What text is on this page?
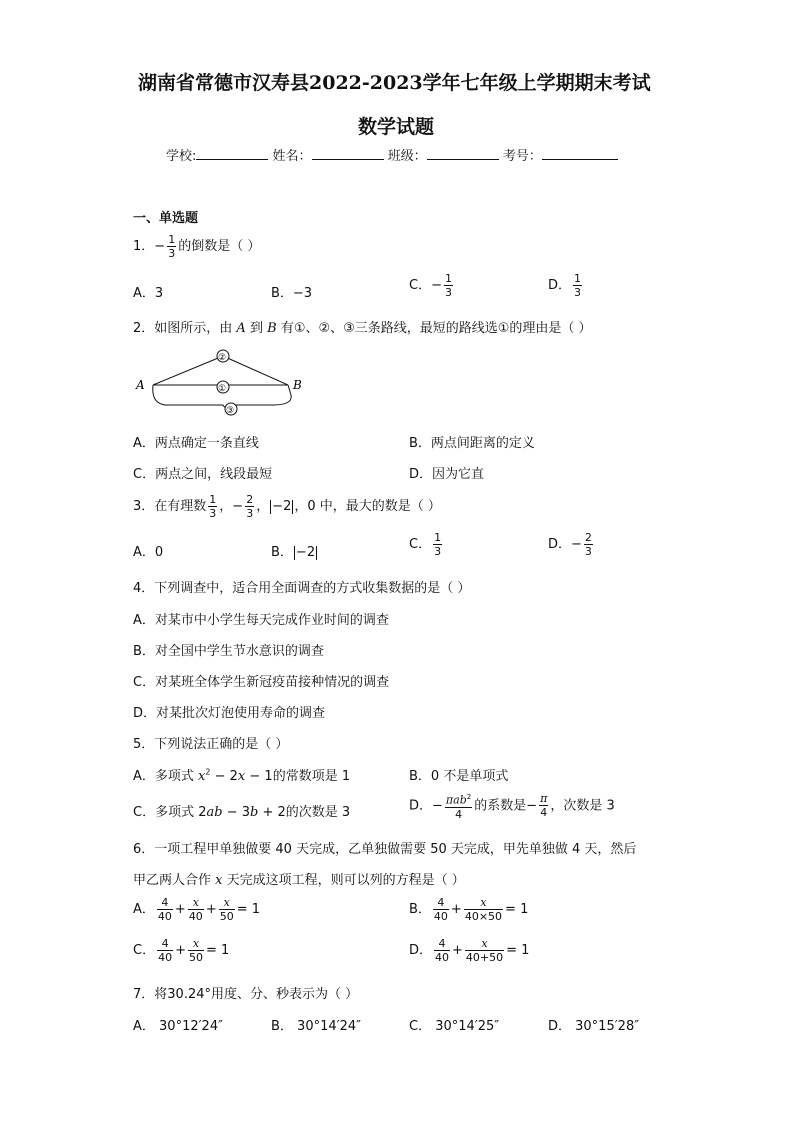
湖南省常德市汉寿县2022-2023学年七年级上学期期末考试
数学试题
学校:	姓名：	班级：	考号：
一、单选题
1．− $\frac{1}{3}$ 的倒数是（ ）
A．3	B．−3
C．− $\frac{1}{3}$	D． $\frac{1}{3}$
2．如图所示，由 A 到 B 有①、②、③三条路线，最短的路线选①的理由是（ ）
②
①
③
A	B
A．两点确定一条直线	B．两点间距离的定义
C．两点之间，线段最短	D．因为它直
3．在有理数 $\frac{1}{3}$ ，− $\frac{2}{3}$ ， −2 ，0 中，最大的数是（ ）
A．0	B． −2
C． $\frac{1}{3}$	D．− $\frac{2}{3}$
4．下列调查中，适合用全面调查的方式收集数据的是（ ）
A．对某市中小学生每天完成作业时间的调查
B．对全国中学生节水意识的调查
C．对某班全体学生新冠疫苗接种情况的调查
D．对某批次灯泡使用寿命的调查
5．下列说法正确的是（ ）
A．多项式 $x^2 - 2x - 1$的常数项是 1	B．0 不是单项式
C．多项式 2ab − 3b + 2的次数是 3	D．− πab$^2$
4
的系数是− $\frac{\pi}{4}$ ，次数是 3
6．一项工程甲单独做要 40 天完成，乙单独做需要 50 天完成，甲先单独做 4 天，然后
甲乙两人合作 x 天完成这项工程，则可以列的方程是（ ）
A． $\frac{4}{40} + \frac{x}{40} + \frac{x}{50} = 1$	B． $\frac{4}{40} + \frac{x}{40\times 50} = 1$
C． $\frac{4}{40} + \frac{x}{50} = 1$	D． $\frac{4}{40} + \frac{x}{40+50} = 1$
7．将30.24°用度、分、秒表示为（ ）
A． 30°12′24″	B． 30°14′24″	C． 30°14′25″	D． 30°15′28″
